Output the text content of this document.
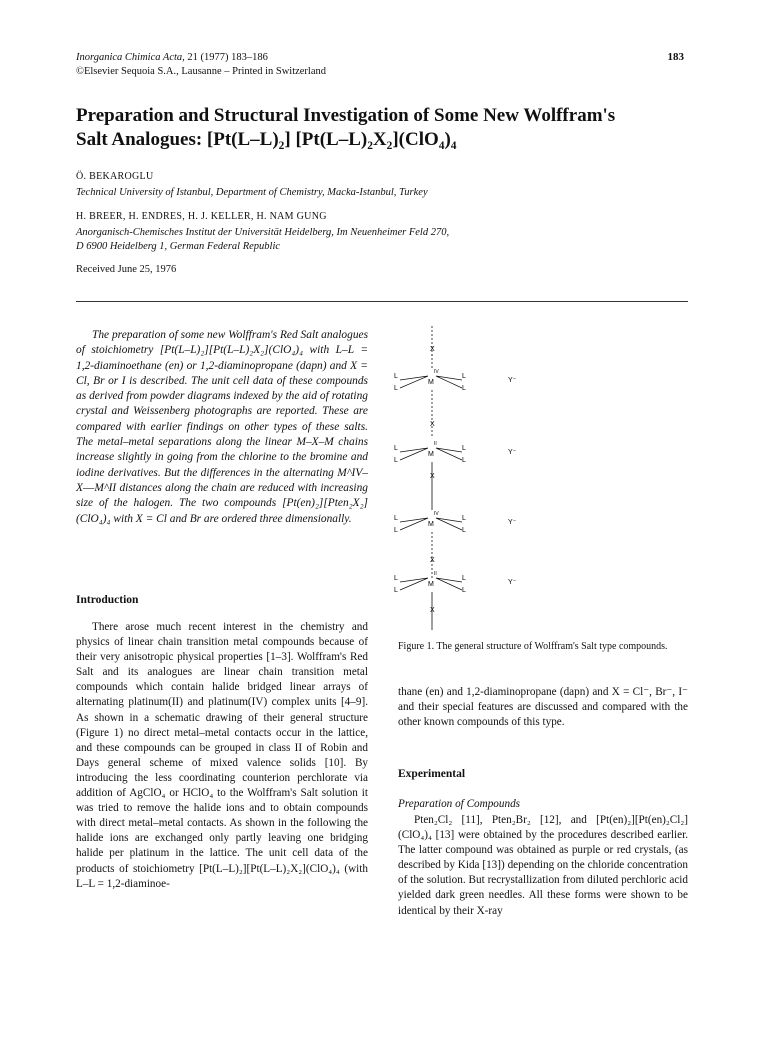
Inorganica Chimica Acta, 21 (1977) 183–186
©Elsevier Sequoia S.A., Lausanne – Printed in Switzerland
183
Preparation and Structural Investigation of Some New Wolffram's
Salt Analogues: [Pt(L–L)₂] [Pt(L–L)₂X₂](ClO₄)₄
Ö. BEKAROGLU
Technical University of Istanbul, Department of Chemistry, Macka-Istanbul, Turkey
H. BREER, H. ENDRES, H. J. KELLER, H. NAM GUNG
Anorganisch-Chemisches Institut der Universität Heidelberg, Im Neuenheimer Feld 270,
D 6900 Heidelberg 1, German Federal Republic
Received June 25, 1976
The preparation of some new Wolffram's Red Salt analogues of stoichiometry [Pt(L–L)₂][Pt(L–L)₂X₂](ClO₄)₄ with L–L = 1,2-diaminoethane (en) or 1,2-diaminopropane (dapn) and X = Cl, Br or I is described. The unit cell data of these compounds as derived from powder diagrams indexed by the aid of rotating crystal and Weissenberg photographs are reported. These are compared with earlier findings on other types of these salts. The metal–metal separations along the linear M–X–M chains increase slightly in going from the chlorine to the bromine and iodine derivatives. But the differences in the alternating M^IV–X––M^II distances along the chain are reduced with increasing size of the halogen. The two compounds [Pt(en)₂][Pten₂X₂](ClO₄)₄ with X = Cl and Br are ordered three dimensionally.
Introduction

There arose much recent interest in the chemistry and physics of linear chain transition metal compounds because of their very anisotropic physical properties [1–3]. Wolffram's Red Salt and its analogues are linear chain transition metal compounds which contain halide bridged linear arrays of alternating platinum(II) and platinum(IV) complex units [4–9]. As shown in a schematic drawing of their general structure (Figure 1) no direct metal–metal contacts occur in the lattice, and these compounds can be grouped in class II of Robin and Days general scheme of mixed valence solids [10]. By introducing the less coordinating counterion perchlorate via addition of AgClO₄ or HClO₄ to the Wolffram's Salt solution it was tried to remove the halide ions and to obtain compounds with direct metal–metal contacts. As shown in the following the halide ions are exchanged only partly leaving one bridging halide per platinum in the lattice. The unit cell data of the products of stoichiometry [Pt(L–L)₂][Pt(L–L)₂X₂](ClO₄)₄ (with L–L = 1,2-diaminoe-

X
L
L
M
IV
L
L
Y⁻
X
L
L
M
II
L
L
Y⁻
X
L
L
M
IV
L
L
Y⁻
X
L
L
M
II
L
L
Y⁻
X
Figure 1. The general structure of Wolffram's Salt type compounds.
thane (en) and 1,2-diaminopropane (dapn) and X = Cl⁻, Br⁻, I⁻ and their special features are discussed and compared with the other known compounds of this type.
Experimental
Preparation of Compounds

Pten₂Cl₂ [11], Pten₂Br₂ [12], and [Pt(en)₂][Pt(en)₂Cl₂](ClO₄)₄ [13] were obtained by the procedures described earlier. The latter compound was obtained as purple or red crystals, (as described by Kida [13]) depending on the chloride concentration of the solution. But recrystallization from diluted perchloric acid yielded dark green needles. All these forms were shown to be identical by their X-ray
